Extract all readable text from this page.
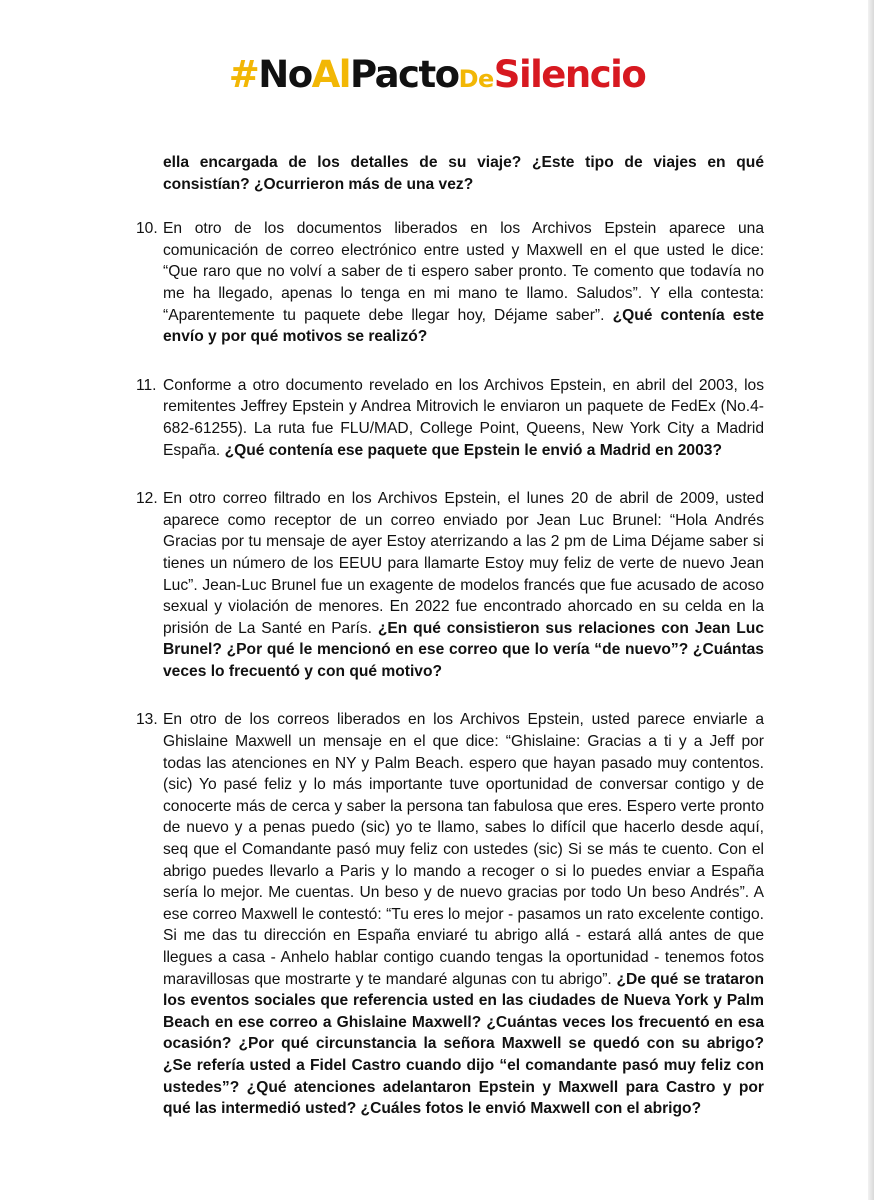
#NoAlPactoDeSilencio

ella encargada de los detalles de su viaje? ¿Este tipo de viajes en qué consistían? ¿Ocurrieron más de una vez?

10. En otro de los documentos liberados en los Archivos Epstein aparece una comunicación de correo electrónico entre usted y Maxwell en el que usted le dice: “Que raro que no volví a saber de ti espero saber pronto. Te comento que todavía no me ha llegado, apenas lo tenga en mi mano te llamo. Saludos”. Y ella contesta: “Aparentemente tu paquete debe llegar hoy, Déjame saber”. ¿Qué contenía este envío y por qué motivos se realizó?
11. Conforme a otro documento revelado en los Archivos Epstein, en abril del 2003, los remitentes Jeffrey Epstein y Andrea Mitrovich le enviaron un paquete de FedEx (No.4-682-61255). La ruta fue FLU/MAD, College Point, Queens, New York City a Madrid España. ¿Qué contenía ese paquete que Epstein le envió a Madrid en 2003?
12. En otro correo filtrado en los Archivos Epstein, el lunes 20 de abril de 2009, usted aparece como receptor de un correo enviado por Jean Luc Brunel: “Hola Andrés Gracias por tu mensaje de ayer Estoy aterrizando a las 2 pm de Lima Déjame saber si tienes un número de los EEUU para llamarte Estoy muy feliz de verte de nuevo Jean Luc”. Jean-Luc Brunel fue un exagente de modelos francés que fue acusado de acoso sexual y violación de menores. En 2022 fue encontrado ahorcado en su celda en la prisión de La Santé en París. ¿En qué consistieron sus relaciones con Jean Luc Brunel? ¿Por qué le mencionó en ese correo que lo vería “de nuevo”? ¿Cuántas veces lo frecuentó y con qué motivo?
13. En otro de los correos liberados en los Archivos Epstein, usted parece enviarle a Ghislaine Maxwell un mensaje en el que dice: “Ghislaine: Gracias a ti y a Jeff por todas las atenciones en NY y Palm Beach. espero que hayan pasado muy contentos. (sic) Yo pasé feliz y lo más importante tuve oportunidad de conversar contigo y de conocerte más de cerca y saber la persona tan fabulosa que eres. Espero verte pronto de nuevo y a penas puedo (sic) yo te llamo, sabes lo difícil que hacerlo desde aquí, seq que el Comandante pasó muy feliz con ustedes (sic) Si se más te cuento. Con el abrigo puedes llevarlo a Paris y lo mando a recoger o si lo puedes enviar a España sería lo mejor. Me cuentas. Un beso y de nuevo gracias por todo Un beso Andrés”. A ese correo Maxwell le contestó: “Tu eres lo mejor - pasamos un rato excelente contigo. Si me das tu dirección en España enviaré tu abrigo allá - estará allá antes de que llegues a casa - Anhelo hablar contigo cuando tengas la oportunidad - tenemos fotos maravillosas que mostrarte y te mandaré algunas con tu abrigo”. ¿De qué se trataron los eventos sociales que referencia usted en las ciudades de Nueva York y Palm Beach en ese correo a Ghislaine Maxwell? ¿Cuántas veces los frecuentó en esa ocasión? ¿Por qué circunstancia la señora Maxwell se quedó con su abrigo? ¿Se refería usted a Fidel Castro cuando dijo “el comandante pasó muy feliz con ustedes”? ¿Qué atenciones adelantaron Epstein y Maxwell para Castro y por qué las intermedió usted? ¿Cuáles fotos le envió Maxwell con el abrigo?
